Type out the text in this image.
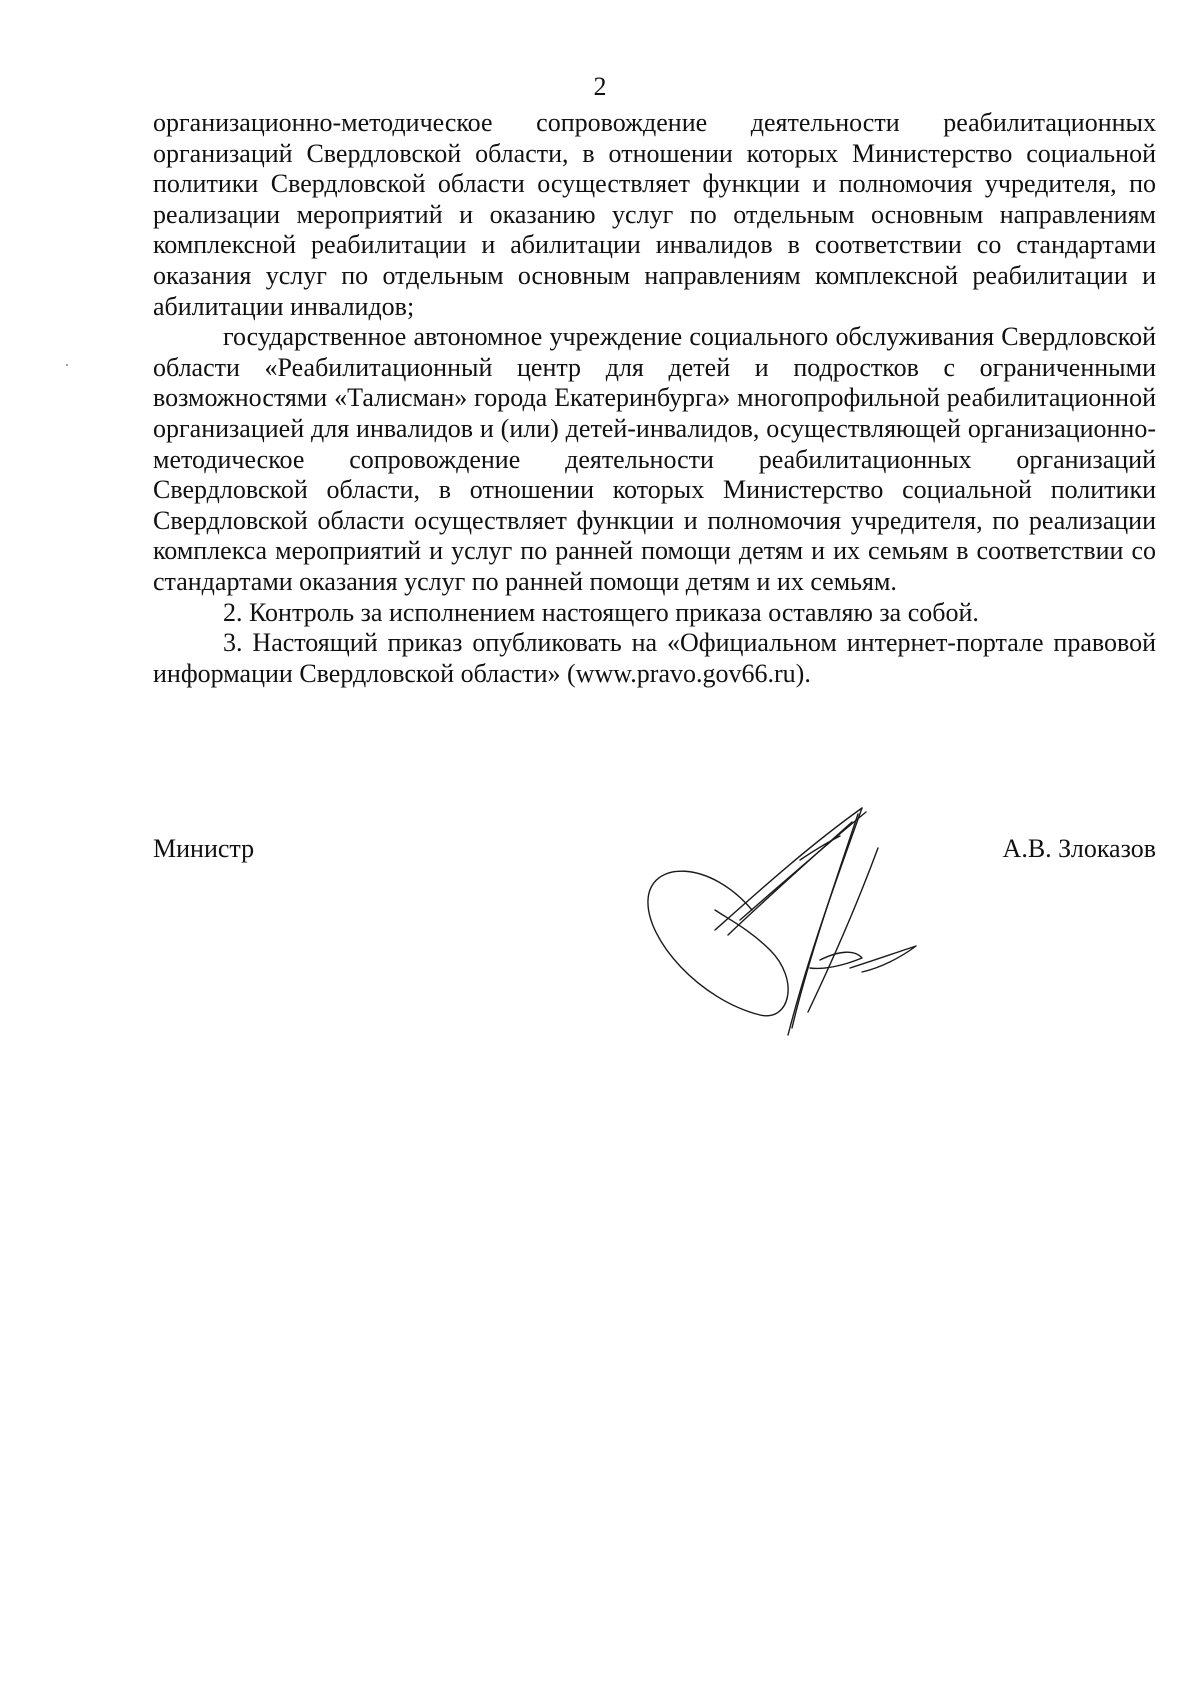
2

организационно-методическое сопровождение деятельности реабилитационных организаций Свердловской области, в отношении которых Министерство социальной политики Свердловской области осуществляет функции и полномочия учредителя, по реализации мероприятий и оказанию услуг по отдельным основным направлениям комплексной реабилитации и абилитации инвалидов в соответствии со стандартами оказания услуг по отдельным основным направлениям комплексной реабилитации и абилитации инвалидов;

государственное автономное учреждение социального обслуживания Свердловской области «Реабилитационный центр для детей и подростков с ограниченными возможностями «Талисман» города Екатеринбурга» многопрофильной реабилитационной организацией для инвалидов и (или) детей-инвалидов, осуществляющей организационно-методическое сопровождение деятельности реабилитационных организаций Свердловской области, в отношении которых Министерство социальной политики Свердловской области осуществляет функции и полномочия учредителя, по реализации комплекса мероприятий и услуг по ранней помощи детям и их семьям в соответствии со стандартами оказания услуг по ранней помощи детям и их семьям.

2. Контроль за исполнением настоящего приказа оставляю за собой.

3. Настоящий приказ опубликовать на «Официальном интернет-портале правовой информации Свердловской области» (www.pravo.gov66.ru).

Министр	А.В. Злоказов
